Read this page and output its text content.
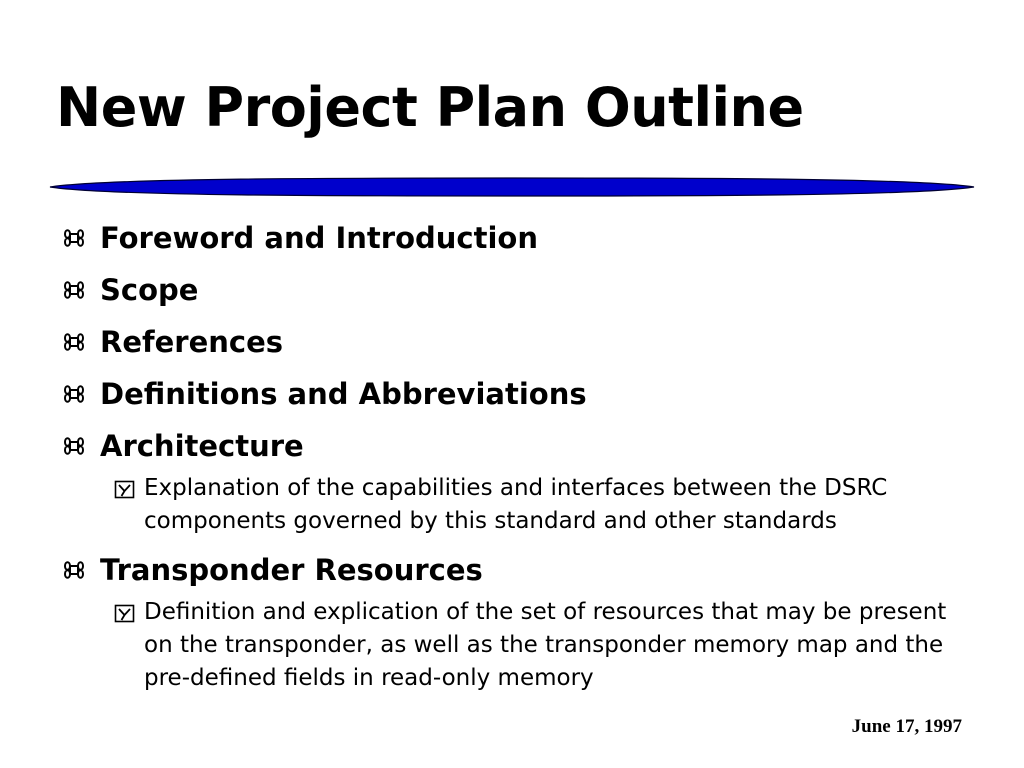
New Project Plan Outline
Foreword and Introduction
Scope
References
Definitions and Abbreviations
Architecture
Explanation of the capabilities and interfaces between the DSRC components governed by this standard and other standards
Transponder Resources
Definition and explication of the set of resources that may be present on the transponder, as well as the transponder memory map and the pre-defined fields in read-only memory
June 17, 1997
